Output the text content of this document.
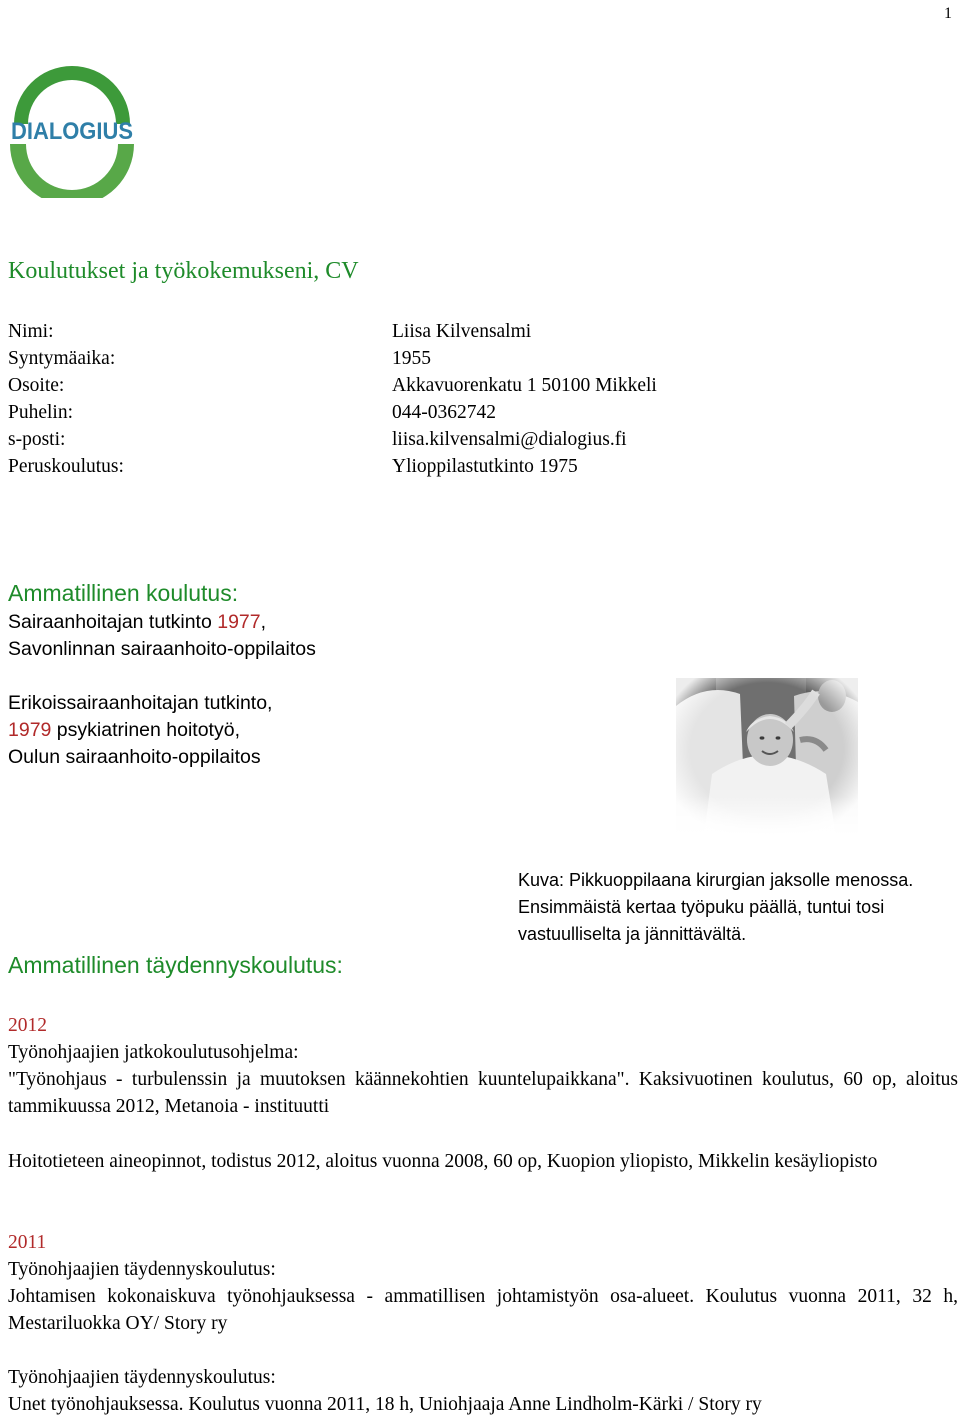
1
DIALOGIUS
Koulutukset ja työkokemukseni, CV
Nimi:	Liisa Kilvensalmi
Syntymäaika:	1955
Osoite:	Akkavuorenkatu 1 50100 Mikkeli
Puhelin:	044-0362742
s-posti:	liisa.kilvensalmi@dialogius.fi
Peruskoulutus:	Ylioppilastutkinto 1975
Ammatillinen koulutus:
Sairaanhoitajan tutkinto 1977,
Savonlinnan sairaanhoito-oppilaitos
Erikoissairaanhoitajan tutkinto,
1979 psykiatrinen hoitotyö,
Oulun sairaanhoito-oppilaitos
Kuva: Pikkuoppilaana kirurgian jaksolle menossa. Ensimmäistä kertaa työpuku päällä, tuntui tosi vastuulliselta ja jännittävältä.
Ammatillinen täydennyskoulutus:
2012
Työnohjaajien jatkokoulutusohjelma:
"Työnohjaus - turbulenssin ja muutoksen käännekohtien kuuntelupaikkana". Kaksivuotinen koulutus, 60 op, aloitus tammikuussa 2012, Metanoia - instituutti
Hoitotieteen aineopinnot, todistus 2012, aloitus vuonna 2008, 60 op, Kuopion yliopisto, Mikkelin kesäyliopisto
2011
Työnohjaajien täydennyskoulutus:
Johtamisen kokonaiskuva työnohjauksessa - ammatillisen johtamistyön osa-alueet. Koulutus vuonna 2011, 32 h, Mestariluokka OY/ Story ry
Työnohjaajien täydennyskoulutus:
Unet työnohjauksessa. Koulutus vuonna 2011, 18 h, Uniohjaaja Anne Lindholm-Kärki / Story ry
